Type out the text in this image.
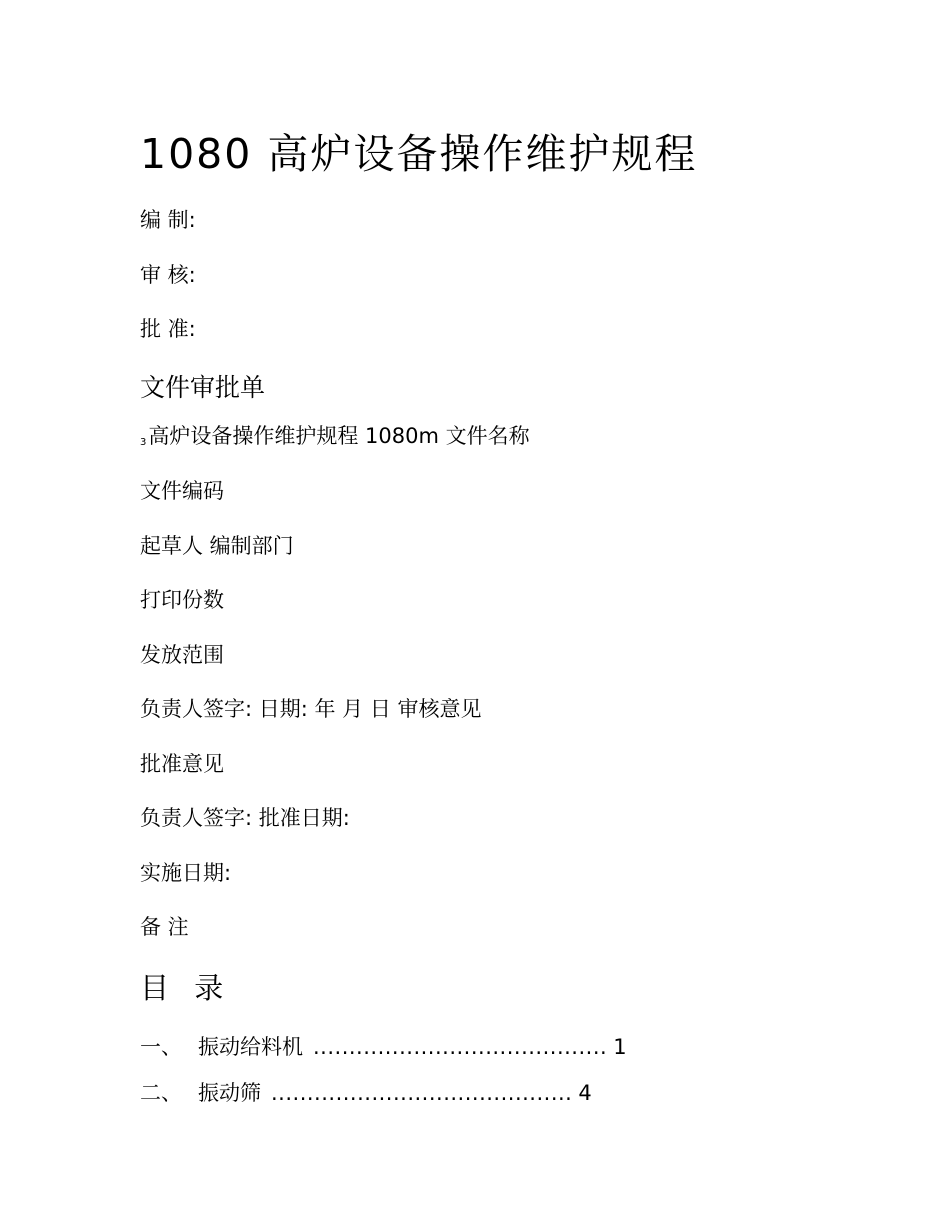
1080 高炉设备操作维护规程
编 制:
审 核:
批 准:
文件审批单
$_3$高炉设备操作维护规程 1080m 文件名称
文件编码
起草人 编制部门
打印份数
发放范围
负责人签字: 日期: 年 月 日 审核意见
批准意见
负责人签字: 批准日期:
实施日期:
备 注
目 录
一、 振动给料机 ......................................... 1
二、 振动筛 .......................................... 4
